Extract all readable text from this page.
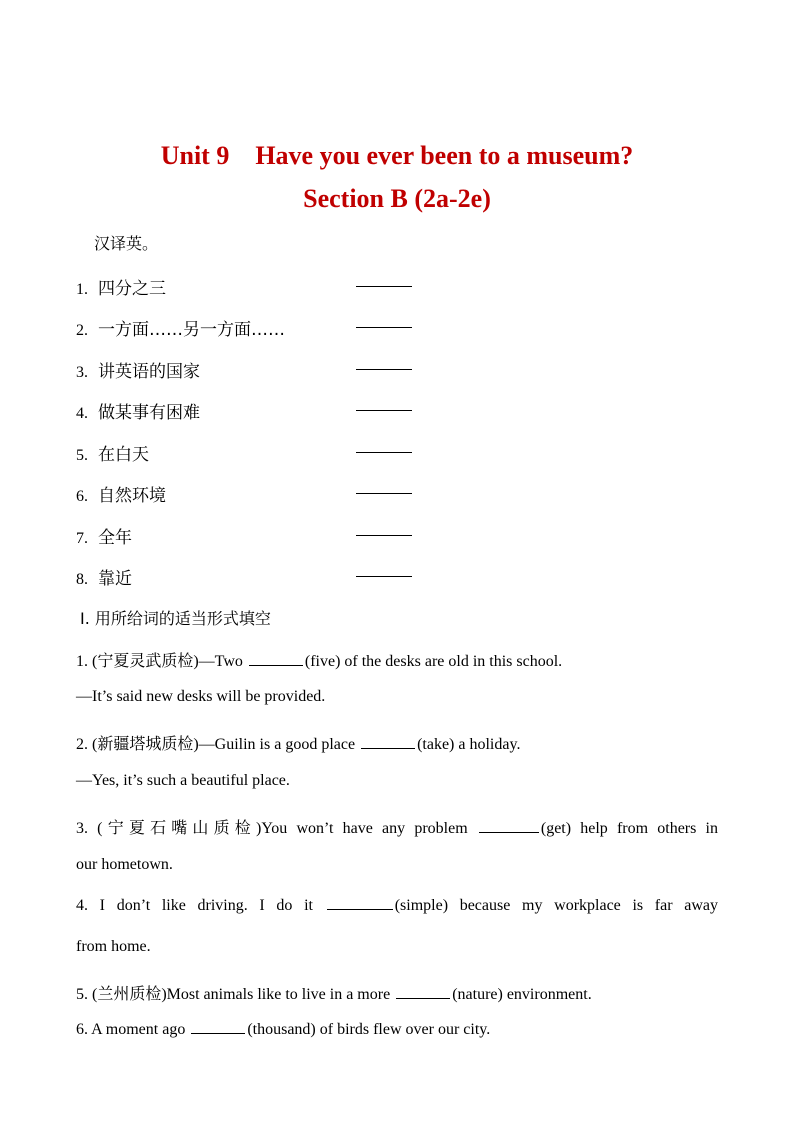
Unit 9    Have you ever been to a museum?
Section B (2a-2e)
汉译英。
1. 四分之三
2. 一方面……另一方面……
3. 讲英语的国家
4. 做某事有困难
5. 在白天
6. 自然环境
7. 全年
8. 靠近
Ⅰ. 用所给词的适当形式填空
1. (宁夏灵武质检)—Two	(five) of the desks are old in this school.
—It’s said new desks will be provided.
2. (新疆塔城质检)—Guilin is a good place	(take) a holiday.
—Yes, it’s such a beautiful place.
3. (宁夏石嘴山质检)You won’t have any problem	(get) help from others in
our hometown.
4. I don’t like driving. I do it	(simple) because my workplace is far away
from home.
5. (兰州质检)Most animals like to live in a more	(nature) environment.
6. A moment ago	(thousand) of birds flew over our city.
